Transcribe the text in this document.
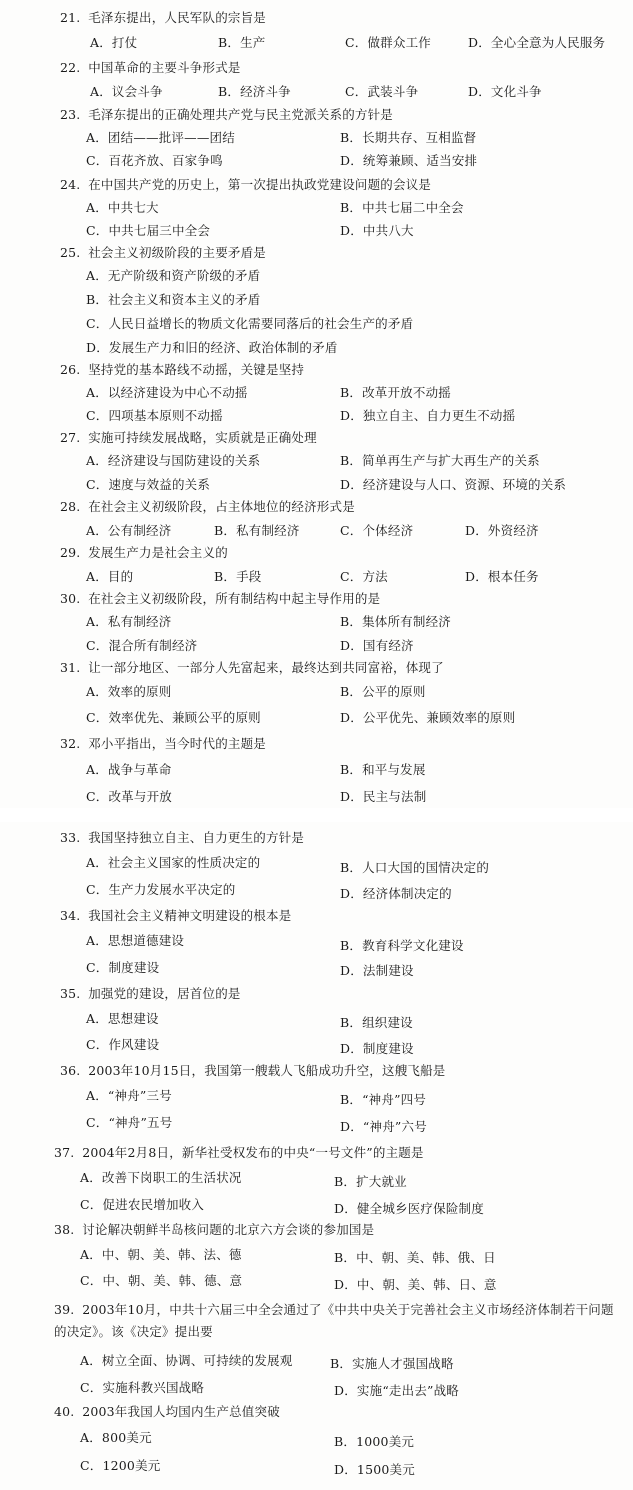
21. 毛泽东提出，人民军队的宗旨是
A．打仗	B．生产	C．做群众工作	D．全心全意为人民服务
22. 中国革命的主要斗争形式是
A．议会斗争	B．经济斗争	C．武装斗争	D．文化斗争
23. 毛泽东提出的正确处理共产党与民主党派关系的方针是
A．团结——批评——团结	B．长期共存、互相监督
C．百花齐放、百家争鸣	D．统筹兼顾、适当安排
24. 在中国共产党的历史上，第一次提出执政党建设问题的会议是
A．中共七大	B．中共七届二中全会
C．中共七届三中全会	D．中共八大
25. 社会主义初级阶段的主要矛盾是
A．无产阶级和资产阶级的矛盾
B．社会主义和资本主义的矛盾
C．人民日益增长的物质文化需要同落后的社会生产的矛盾
D．发展生产力和旧的经济、政治体制的矛盾
26. 坚持党的基本路线不动摇，关键是坚持
A．以经济建设为中心不动摇	B．改革开放不动摇
C．四项基本原则不动摇	D．独立自主、自力更生不动摇
27. 实施可持续发展战略，实质就是正确处理
A．经济建设与国防建设的关系	B．简单再生产与扩大再生产的关系
C．速度与效益的关系	D．经济建设与人口、资源、环境的关系
28. 在社会主义初级阶段，占主体地位的经济形式是
A．公有制经济	B．私有制经济	C．个体经济	D．外资经济
29. 发展生产力是社会主义的
A．目的	B．手段	C．方法	D．根本任务
30. 在社会主义初级阶段，所有制结构中起主导作用的是
A．私有制经济	B．集体所有制经济
C．混合所有制经济	D．国有经济
31. 让一部分地区、一部分人先富起来，最终达到共同富裕，体现了
A．效率的原则	B．公平的原则
C．效率优先、兼顾公平的原则	D．公平优先、兼顾效率的原则
32. 邓小平指出，当今时代的主题是
A．战争与革命	B．和平与发展
C．改革与开放	D．民主与法制
33. 我国坚持独立自主、自力更生的方针是
A．社会主义国家的性质决定的	B．人口大国的国情决定的
C．生产力发展水平决定的	D．经济体制决定的
34. 我国社会主义精神文明建设的根本是
A．思想道德建设	B．教育科学文化建设
C．制度建设	D．法制建设
35. 加强党的建设，居首位的是
A．思想建设	B．组织建设
C．作风建设	D．制度建设
36. 2003年10月15日，我国第一艘载人飞船成功升空，这艘飞船是
A．“神舟”三号	B．“神舟”四号
C．“神舟”五号	D．“神舟”六号
37. 2004年2月8日，新华社受权发布的中央“一号文件”的主题是
A．改善下岗职工的生活状况	B．扩大就业
C．促进农民增加收入	D．健全城乡医疗保险制度
38. 讨论解决朝鲜半岛核问题的北京六方会谈的参加国是
A．中、朝、美、韩、法、德	B．中、朝、美、韩、俄、日
C．中、朝、美、韩、德、意	D．中、朝、美、韩、日、意
39. 2003年10月，中共十六届三中全会通过了《中共中央关于完善社会主义市场经济体制若干问题的决定》。该《决定》提出要
A．树立全面、协调、可持续的发展观	B．实施人才强国战略
C．实施科教兴国战略	D．实施“走出去”战略
40. 2003年我国人均国内生产总值突破
A．800美元	B．1000美元
C．1200美元	D．1500美元
